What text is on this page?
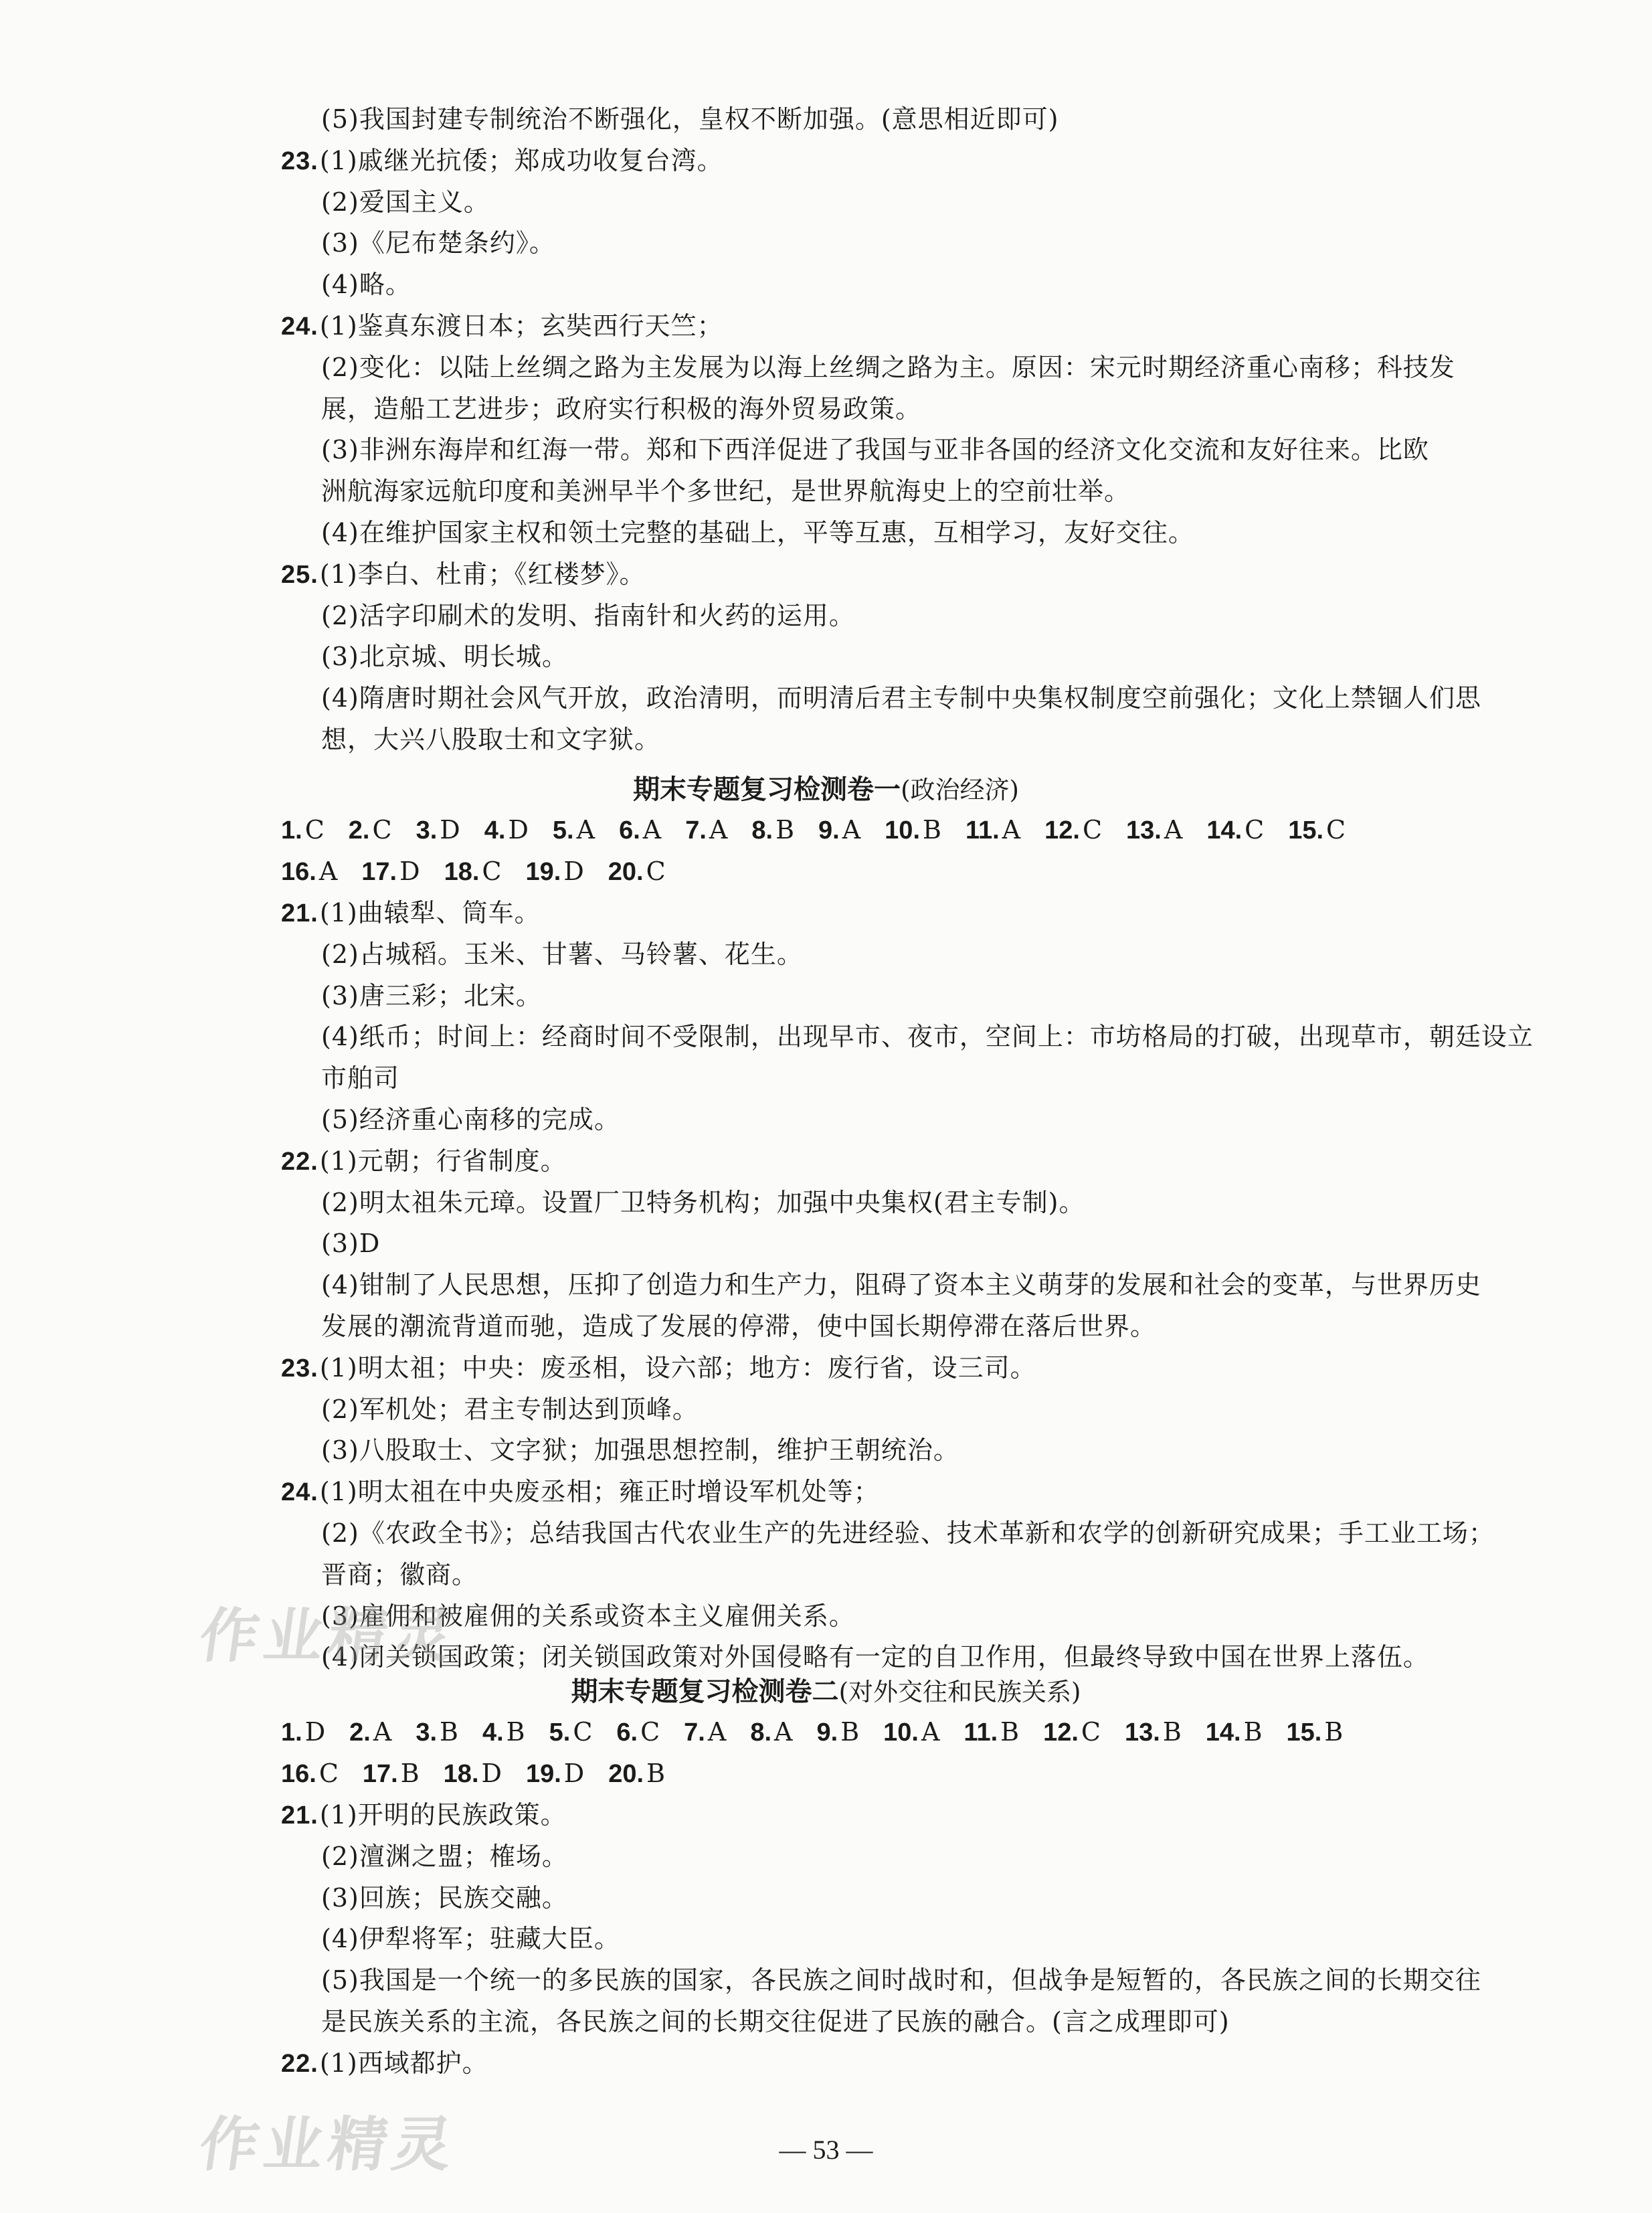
(5)我国封建专制统治不断强化，皇权不断加强。(意思相近即可)
23.(1)戚继光抗倭；郑成功收复台湾。
(2)爱国主义。
(3)《尼布楚条约》。
(4)略。
24.(1)鉴真东渡日本；玄奘西行天竺；
(2)变化：以陆上丝绸之路为主发展为以海上丝绸之路为主。原因：宋元时期经济重心南移；科技发
展，造船工艺进步；政府实行积极的海外贸易政策。
(3)非洲东海岸和红海一带。郑和下西洋促进了我国与亚非各国的经济文化交流和友好往来。比欧
洲航海家远航印度和美洲早半个多世纪，是世界航海史上的空前壮举。
(4)在维护国家主权和领土完整的基础上，平等互惠，互相学习，友好交往。
25.(1)李白、杜甫；《红楼梦》。
(2)活字印刷术的发明、指南针和火药的运用。
(3)北京城、明长城。
(4)隋唐时期社会风气开放，政治清明，而明清后君主专制中央集权制度空前强化；文化上禁锢人们思
想，大兴八股取士和文字狱。
期末专题复习检测卷一(政治经济)
1. C 2. C 3. D 4. D 5. A 6. A 7. A 8. B 9. A 10. B 11. A 12. C 13. A 14. C 15. C
16. A 17. D 18. C 19. D 20. C
21.(1)曲辕犁、筒车。
(2)占城稻。玉米、甘薯、马铃薯、花生。
(3)唐三彩；北宋。
(4)纸币；时间上：经商时间不受限制，出现早市、夜市，空间上：市坊格局的打破，出现草市，朝廷设立
市舶司
(5)经济重心南移的完成。
22.(1)元朝；行省制度。
(2)明太祖朱元璋。设置厂卫特务机构；加强中央集权(君主专制)。
(3)D
(4)钳制了人民思想，压抑了创造力和生产力，阻碍了资本主义萌芽的发展和社会的变革，与世界历史
发展的潮流背道而驰，造成了发展的停滞，使中国长期停滞在落后世界。
23.(1)明太祖；中央：废丞相，设六部；地方：废行省，设三司。
(2)军机处；君主专制达到顶峰。
(3)八股取士、文字狱；加强思想控制，维护王朝统治。
24.(1)明太祖在中央废丞相；雍正时增设军机处等；
(2)《农政全书》；总结我国古代农业生产的先进经验、技术革新和农学的创新研究成果；手工业工场；
晋商；徽商。
(3)雇佣和被雇佣的关系或资本主义雇佣关系。
(4)闭关锁国政策；闭关锁国政策对外国侵略有一定的自卫作用，但最终导致中国在世界上落伍。
期末专题复习检测卷二(对外交往和民族关系)
1. D 2. A 3. B 4. B 5. C 6. C 7. A 8. A 9. B 10. A 11. B 12. C 13. B 14. B 15. B
16. C 17. B 18. D 19. D 20. B
21.(1)开明的民族政策。
(2)澶渊之盟；榷场。
(3)回族；民族交融。
(4)伊犁将军；驻藏大臣。
(5)我国是一个统一的多民族的国家，各民族之间时战时和，但战争是短暂的，各民族之间的长期交往
是民族关系的主流，各民族之间的长期交往促进了民族的融合。(言之成理即可)
22.(1)西域都护。
作业精灵
作业精灵	— 53 —
